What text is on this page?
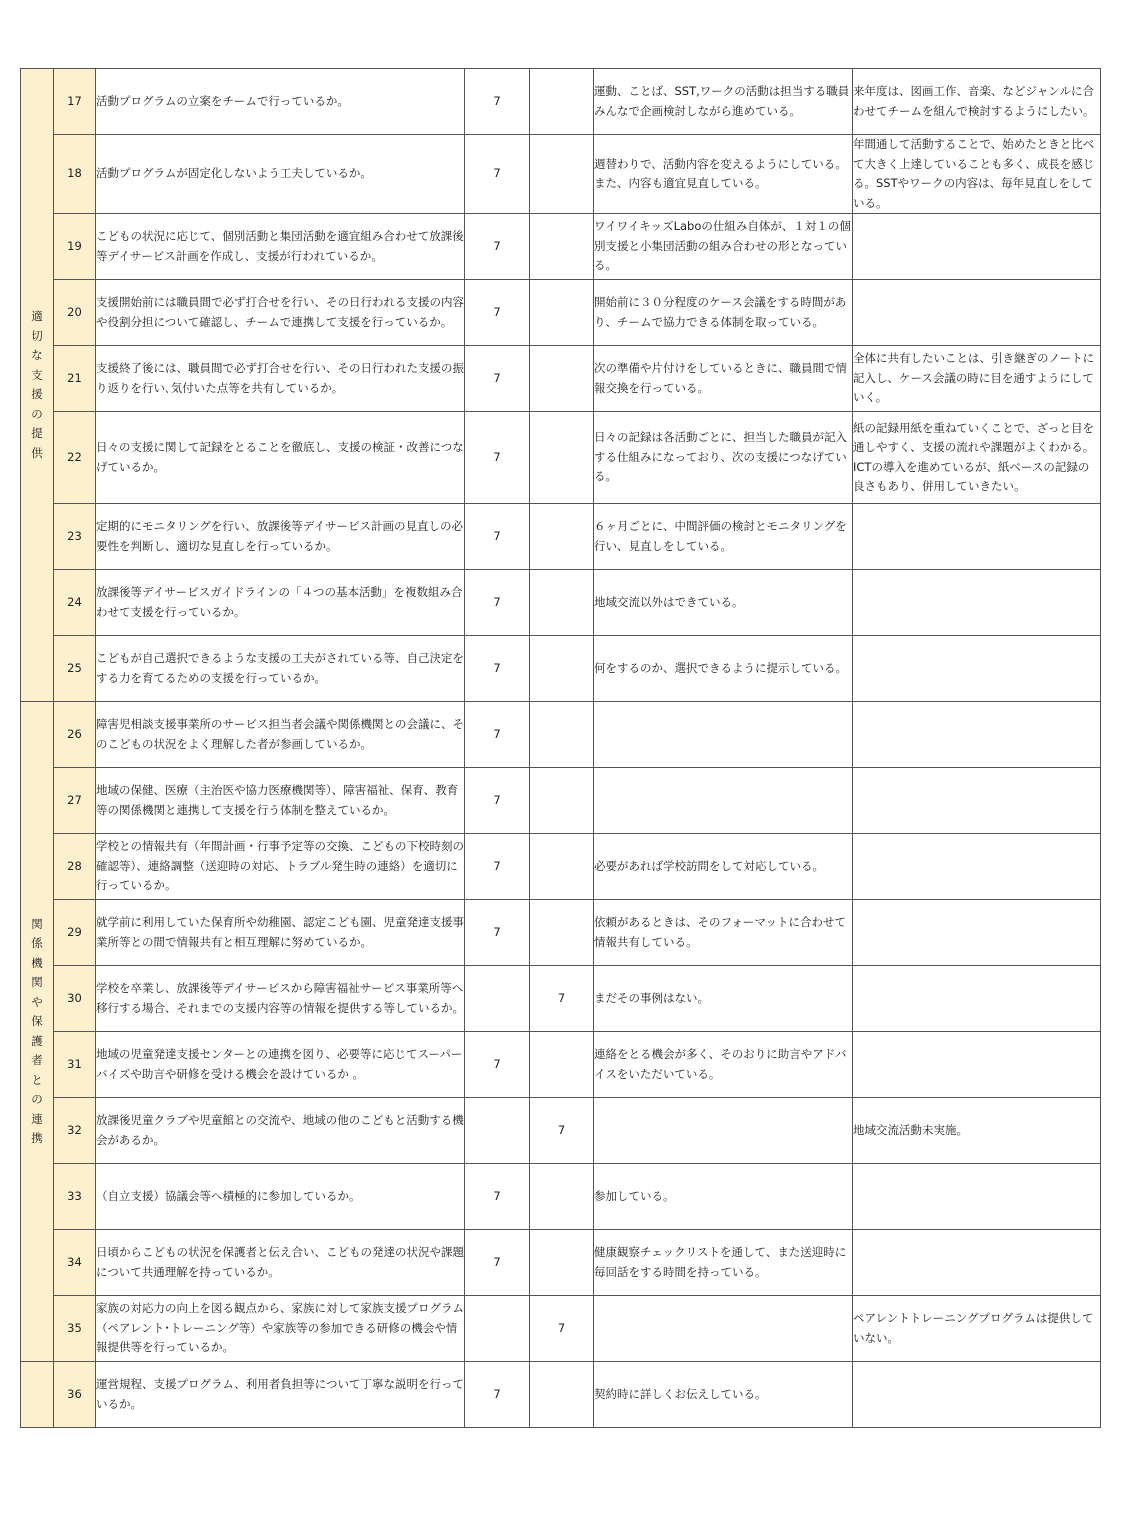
適切な支援の提供	17	活動プログラムの立案をチームで行っているか。	7		運動、ことば、SST,ワークの活動は担当する職員みんなで企画検討しながら進めている。	来年度は、図画工作、音楽、などジャンルに合わせてチームを組んで検討するようにしたい。
	18	活動プログラムが固定化しないよう工夫しているか。	7		週替わりで、活動内容を変えるようにしている。また、内容も適宜見直している。	年間通して活動することで、始めたときと比べて大きく上達していることも多く、成長を感じる。SSTやワークの内容は、毎年見直しをしている。
	19	こどもの状況に応じて、個別活動と集団活動を適宜組み合わせて放課後等デイサービス計画を作成し、支援が行われているか。	7		ワイワイキッズLaboの仕組み自体が、１対１の個別支援と小集団活動の組み合わせの形となっている。	
	20	支援開始前には職員間で必ず打合せを行い、その日行われる支援の内容や役割分担について確認し、チームで連携して支援を行っているか。	7		開始前に３０分程度のケース会議をする時間があり、チームで協力できる体制を取っている。	
	21	支援終了後には、職員間で必ず打合せを行い、その日行われた支援の振り返りを行い､気付いた点等を共有しているか。	7		次の準備や片付けをしているときに、職員間で情報交換を行っている。	全体に共有したいことは、引き継ぎのノートに記入し、ケース会議の時に目を通すようにしていく。
	22	日々の支援に関して記録をとることを徹底し、支援の検証・改善につなげているか。	7		日々の記録は各活動ごとに、担当した職員が記入する仕組みになっており、次の支援につなげている。	紙の記録用紙を重ねていくことで、ざっと目を通しやすく、支援の流れや課題がよくわかる。ICTの導入を進めているが、紙ベースの記録の良さもあり、併用していきたい。
	23	定期的にモニタリングを行い、放課後等デイサービス計画の見直しの必要性を判断し、適切な見直しを行っているか。	7		６ヶ月ごとに、中間評価の検討とモニタリングを行い、見直しをしている。	
	24	放課後等デイサービスガイドラインの「４つの基本活動」を複数組み合わせて支援を行っているか。	7		地域交流以外はできている。	
	25	こどもが自己選択できるような支援の工夫がされている等、自己決定をする力を育てるための支援を行っているか。	7		何をするのか、選択できるように提示している。	
関係機関や保護者との連携	26	障害児相談支援事業所のサービス担当者会議や関係機関との会議に、そのこどもの状況をよく理解した者が参画しているか。	7			
	27	地域の保健、医療（主治医や協力医療機関等）、障害福祉、保育、教育等の関係機関と連携して支援を行う体制を整えているか。	7			
	28	学校との情報共有（年間計画・行事予定等の交換、こどもの下校時刻の確認等）、連絡調整（送迎時の対応、トラブル発生時の連絡）を適切に行っているか。	7		必要があれば学校訪問をして対応している。	
	29	就学前に利用していた保育所や幼稚園、認定こども園、児童発達支援事業所等との間で情報共有と相互理解に努めているか。	7		依頼があるときは、そのフォーマットに合わせて情報共有している。	
	30	学校を卒業し、放課後等デイサービスから障害福祉サービス事業所等へ移行する場合、それまでの支援内容等の情報を提供する等しているか。		7	まだその事例はない。	
	31	地域の児童発達支援センターとの連携を図り、必要等に応じてスーパーバイズや助言や研修を受ける機会を設けているか 。	7		連絡をとる機会が多く、そのおりに助言やアドバイスをいただいている。	
	32	放課後児童クラブや児童館との交流や、地域の他のこどもと活動する機会があるか。		7		地域交流活動未実施。
	33	（自立支援）協議会等へ積極的に参加しているか。	7		参加している。	
	34	日頃からこどもの状況を保護者と伝え合い、こどもの発達の状況や課題について共通理解を持っているか。	7		健康観察チェックリストを通して、また送迎時に毎回話をする時間を持っている。	
	35	家族の対応力の向上を図る観点から、家族に対して家族支援プログラム（ペアレント･トレーニング等）や家族等の参加できる研修の機会や情報提供等を行っているか。		7		ペアレントトレーニングプログラムは提供していない。
	36	運営規程、支援プログラム、利用者負担等について丁寧な説明を行っているか。	7		契約時に詳しくお伝えしている。	
